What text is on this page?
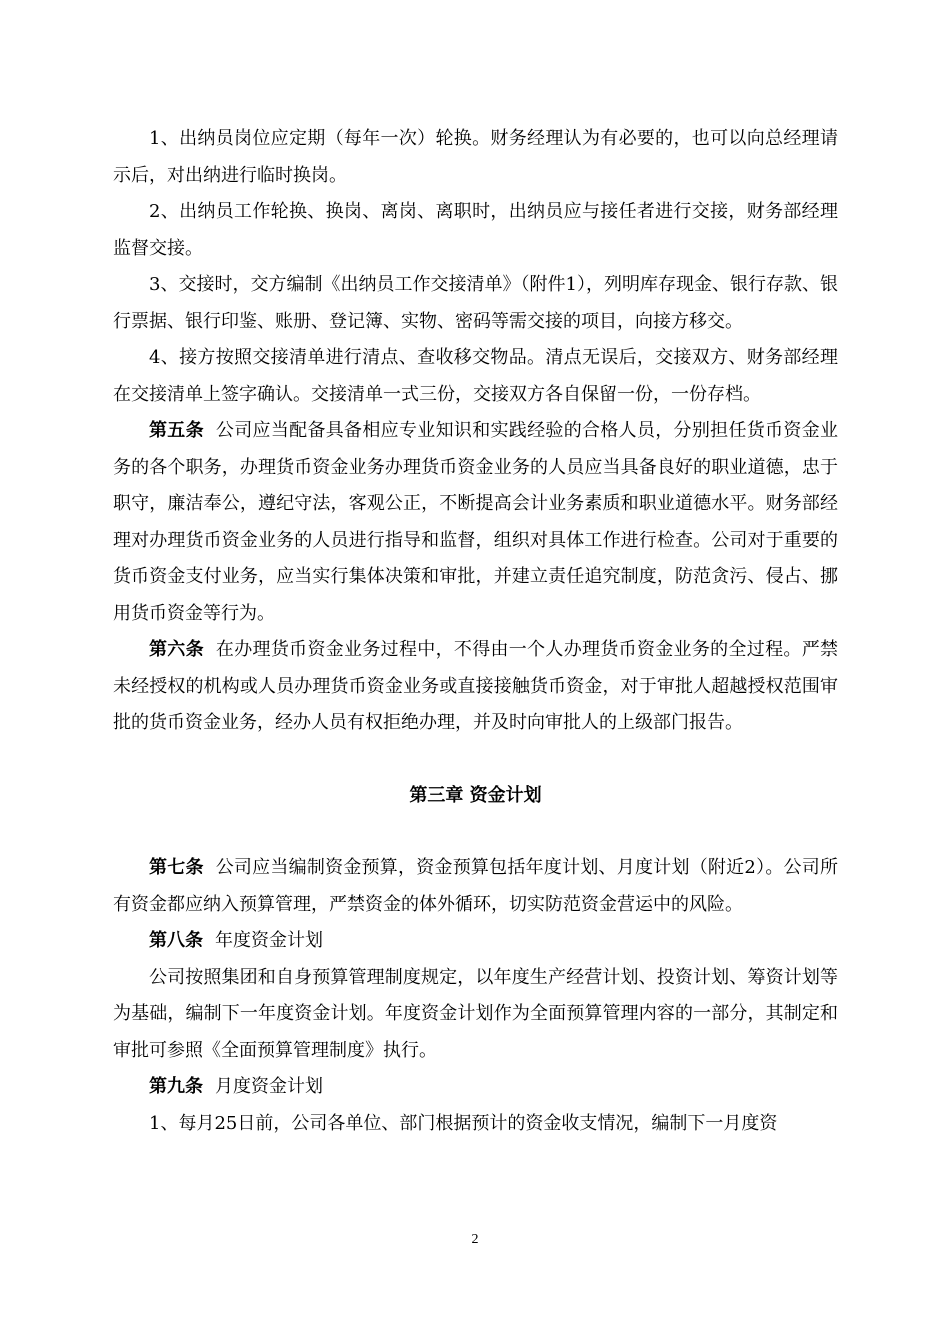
1、出纳员岗位应定期（每年一次）轮换。财务经理认为有必要的，也可以向总经理请示后，对出纳进行临时换岗。

2、出纳员工作轮换、换岗、离岗、离职时，出纳员应与接任者进行交接，财务部经理监督交接。

3、交接时，交方编制《出纳员工作交接清单》（附件1），列明库存现金、银行存款、银行票据、银行印鉴、账册、登记簿、实物、密码等需交接的项目，向接方移交。

4、接方按照交接清单进行清点、查收移交物品。清点无误后，交接双方、财务部经理在交接清单上签字确认。交接清单一式三份，交接双方各自保留一份，一份存档。

第五条 公司应当配备具备相应专业知识和实践经验的合格人员，分别担任货币资金业务的各个职务，办理货币资金业务办理货币资金业务的人员应当具备良好的职业道德，忠于职守，廉洁奉公，遵纪守法，客观公正，不断提高会计业务素质和职业道德水平。财务部经理对办理货币资金业务的人员进行指导和监督，组织对具体工作进行检查。公司对于重要的货币资金支付业务，应当实行集体决策和审批，并建立责任追究制度，防范贪污、侵占、挪用货币资金等行为。

第六条 在办理货币资金业务过程中，不得由一个人办理货币资金业务的全过程。严禁未经授权的机构或人员办理货币资金业务或直接接触货币资金，对于审批人超越授权范围审批的货币资金业务，经办人员有权拒绝办理，并及时向审批人的上级部门报告。

第三章 资金计划

第七条 公司应当编制资金预算，资金预算包括年度计划、月度计划（附近2）。公司所有资金都应纳入预算管理，严禁资金的体外循环，切实防范资金营运中的风险。

第八条 年度资金计划

公司按照集团和自身预算管理制度规定，以年度生产经营计划、投资计划、筹资计划等为基础，编制下一年度资金计划。年度资金计划作为全面预算管理内容的一部分，其制定和审批可参照《全面预算管理制度》执行。

第九条 月度资金计划

1、每月25日前，公司各单位、部门根据预计的资金收支情况，编制下一月度资

2
